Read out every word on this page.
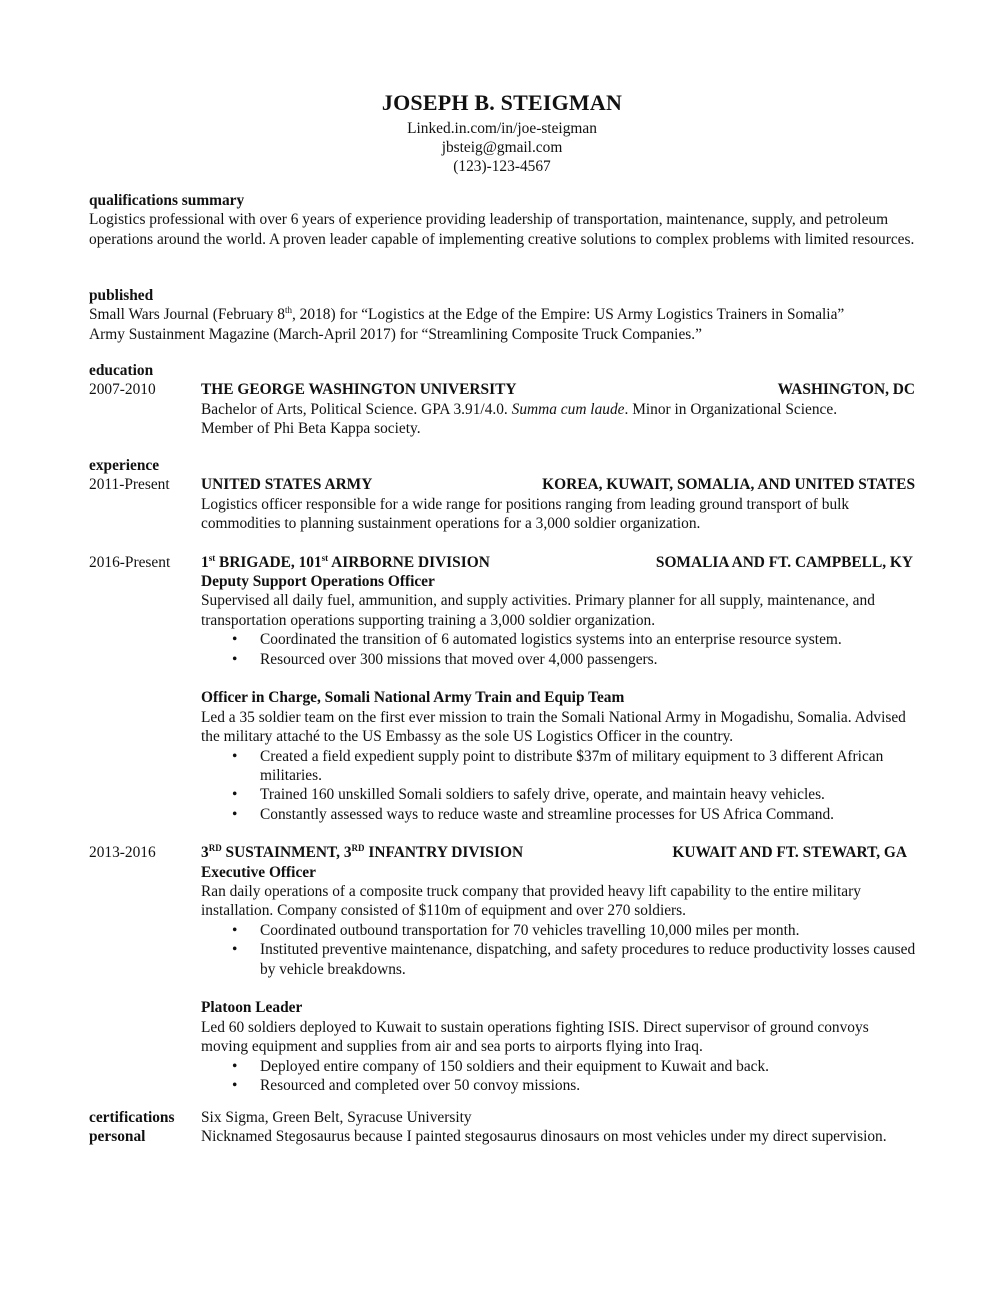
JOSEPH B. STEIGMAN
Linked.in.com/in/joe-steigman
jbsteig@gmail.com
(123)-123-4567
qualifications summary
Logistics professional with over 6 years of experience providing leadership of transportation, maintenance, supply, and petroleum operations around the world. A proven leader capable of implementing creative solutions to complex problems with limited resources.
published
Small Wars Journal (February 8th, 2018) for “Logistics at the Edge of the Empire: US Army Logistics Trainers in Somalia”
Army Sustainment Magazine (March-April 2017) for “Streamlining Composite Truck Companies.”
education
2007-2010	THE GEORGE WASHINGTON UNIVERSITY	WASHINGTON, DC
Bachelor of Arts, Political Science. GPA 3.91/4.0. Summa cum laude. Minor in Organizational Science.
Member of Phi Beta Kappa society.
experience
2011-Present	UNITED STATES ARMY	KOREA, KUWAIT, SOMALIA, AND UNITED STATES
Logistics officer responsible for a wide range for positions ranging from leading ground transport of bulk commodities to planning sustainment operations for a 3,000 soldier organization.
2016-Present	1st BRIGADE, 101st AIRBORNE DIVISION	SOMALIA AND FT. CAMPBELL, KY
Deputy Support Operations Officer
Supervised all daily fuel, ammunition, and supply activities. Primary planner for all supply, maintenance, and transportation operations supporting training a 3,000 soldier organization.
• Coordinated the transition of 6 automated logistics systems into an enterprise resource system.
• Resourced over 300 missions that moved over 4,000 passengers.
Officer in Charge, Somali National Army Train and Equip Team
Led a 35 soldier team on the first ever mission to train the Somali National Army in Mogadishu, Somalia. Advised the military attaché to the US Embassy as the sole US Logistics Officer in the country.
• Created a field expedient supply point to distribute $37m of military equipment to 3 different African militaries.
• Trained 160 unskilled Somali soldiers to safely drive, operate, and maintain heavy vehicles.
• Constantly assessed ways to reduce waste and streamline processes for US Africa Command.
2013-2016	3RD SUSTAINMENT, 3RD INFANTRY DIVISION	KUWAIT AND FT. STEWART, GA
Executive Officer
Ran daily operations of a composite truck company that provided heavy lift capability to the entire military installation. Company consisted of $110m of equipment and over 270 soldiers.
• Coordinated outbound transportation for 70 vehicles travelling 10,000 miles per month.
• Instituted preventive maintenance, dispatching, and safety procedures to reduce productivity losses caused by vehicle breakdowns.
Platoon Leader
Led 60 soldiers deployed to Kuwait to sustain operations fighting ISIS. Direct supervisor of ground convoys moving equipment and supplies from air and sea ports to airports flying into Iraq.
• Deployed entire company of 150 soldiers and their equipment to Kuwait and back.
• Resourced and completed over 50 convoy missions.
certifications	Six Sigma, Green Belt, Syracuse University
personal	Nicknamed Stegosaurus because I painted stegosaurus dinosaurs on most vehicles under my direct supervision.
